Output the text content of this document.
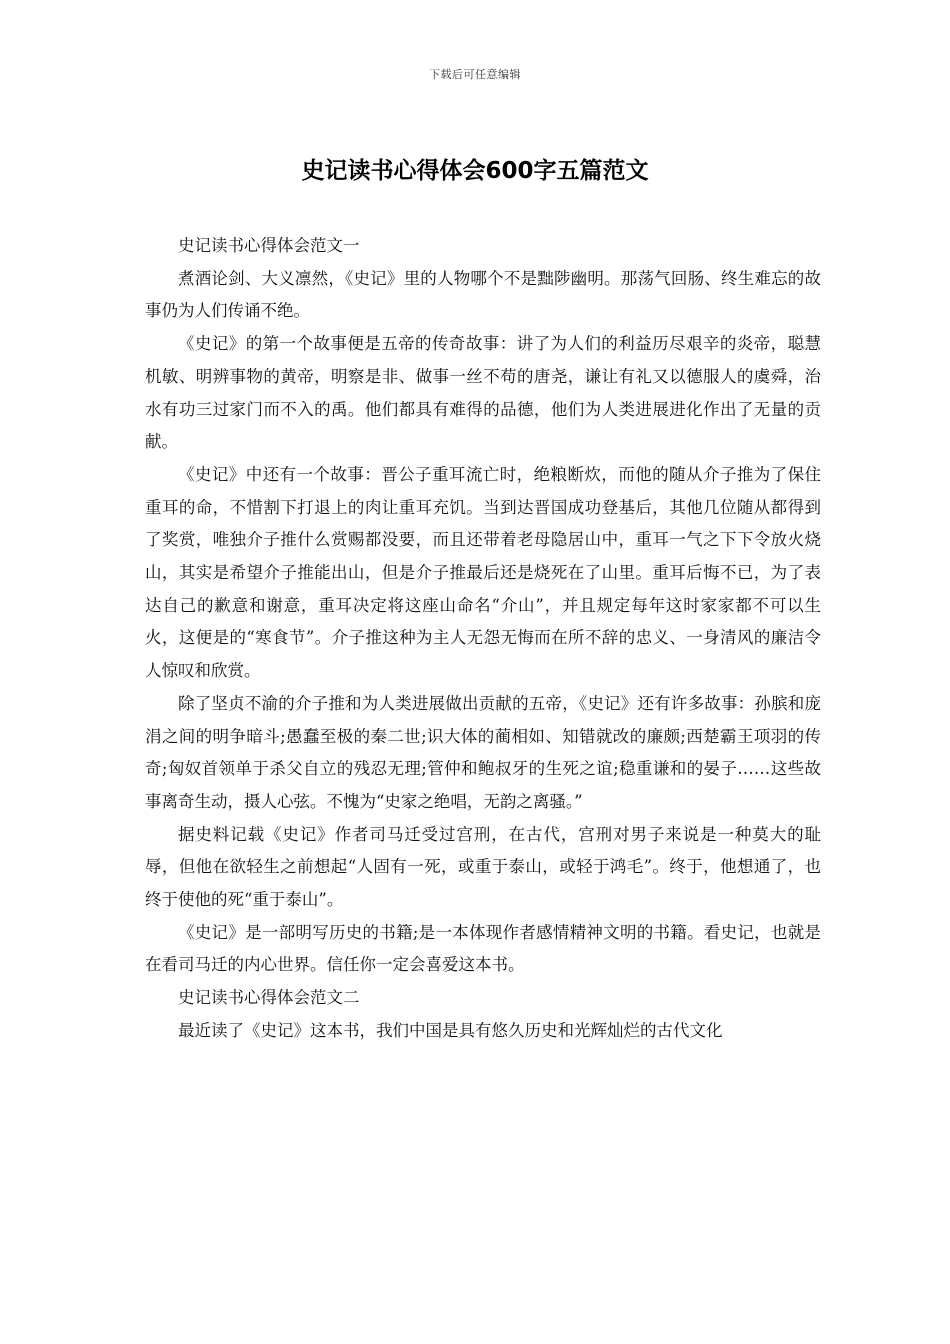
下载后可任意编辑
史记读书心得体会600字五篇范文

史记读书心得体会范文一

煮酒论剑、大义凛然，《史记》里的人物哪个不是黜陟幽明。那荡气回肠、终生难忘的故事仍为人们传诵不绝。

《史记》的第一个故事便是五帝的传奇故事：讲了为人们的利益历尽艰辛的炎帝，聪慧机敏、明辨事物的黄帝，明察是非、做事一丝不苟的唐尧，谦让有礼又以德服人的虞舜，治水有功三过家门而不入的禹。他们都具有难得的品德，他们为人类进展进化作出了无量的贡献。

《史记》中还有一个故事：晋公子重耳流亡时，绝粮断炊，而他的随从介子推为了保住重耳的命，不惜割下打退上的肉让重耳充饥。当到达晋国成功登基后，其他几位随从都得到了奖赏，唯独介子推什么赏赐都没要，而且还带着老母隐居山中，重耳一气之下下令放火烧山，其实是希望介子推能出山，但是介子推最后还是烧死在了山里。重耳后悔不已，为了表达自己的歉意和谢意，重耳决定将这座山命名“介山”，并且规定每年这时家家都不可以生火，这便是的“寒食节”。介子推这种为主人无怨无悔而在所不辞的忠义、一身清风的廉洁令人惊叹和欣赏。

除了坚贞不渝的介子推和为人类进展做出贡献的五帝，《史记》还有许多故事：孙膑和庞涓之间的明争暗斗;愚蠢至极的秦二世;识大体的蔺相如、知错就改的廉颇;西楚霸王项羽的传奇;匈奴首领单于杀父自立的残忍无理;管仲和鲍叔牙的生死之谊;稳重谦和的晏子……这些故事离奇生动，摄人心弦。不愧为“史家之绝唱，无韵之离骚。”

据史料记载《史记》作者司马迁受过宫刑，在古代，宫刑对男子来说是一种莫大的耻辱，但他在欲轻生之前想起“人固有一死，或重于泰山，或轻于鸿毛”。终于，他想通了，也终于使他的死“重于泰山”。

《史记》是一部明写历史的书籍;是一本体现作者感情精神文明的书籍。看史记，也就是在看司马迁的内心世界。信任你一定会喜爱这本书。

史记读书心得体会范文二

最近读了《史记》这本书，我们中国是具有悠久历史和光辉灿烂的古代文化
